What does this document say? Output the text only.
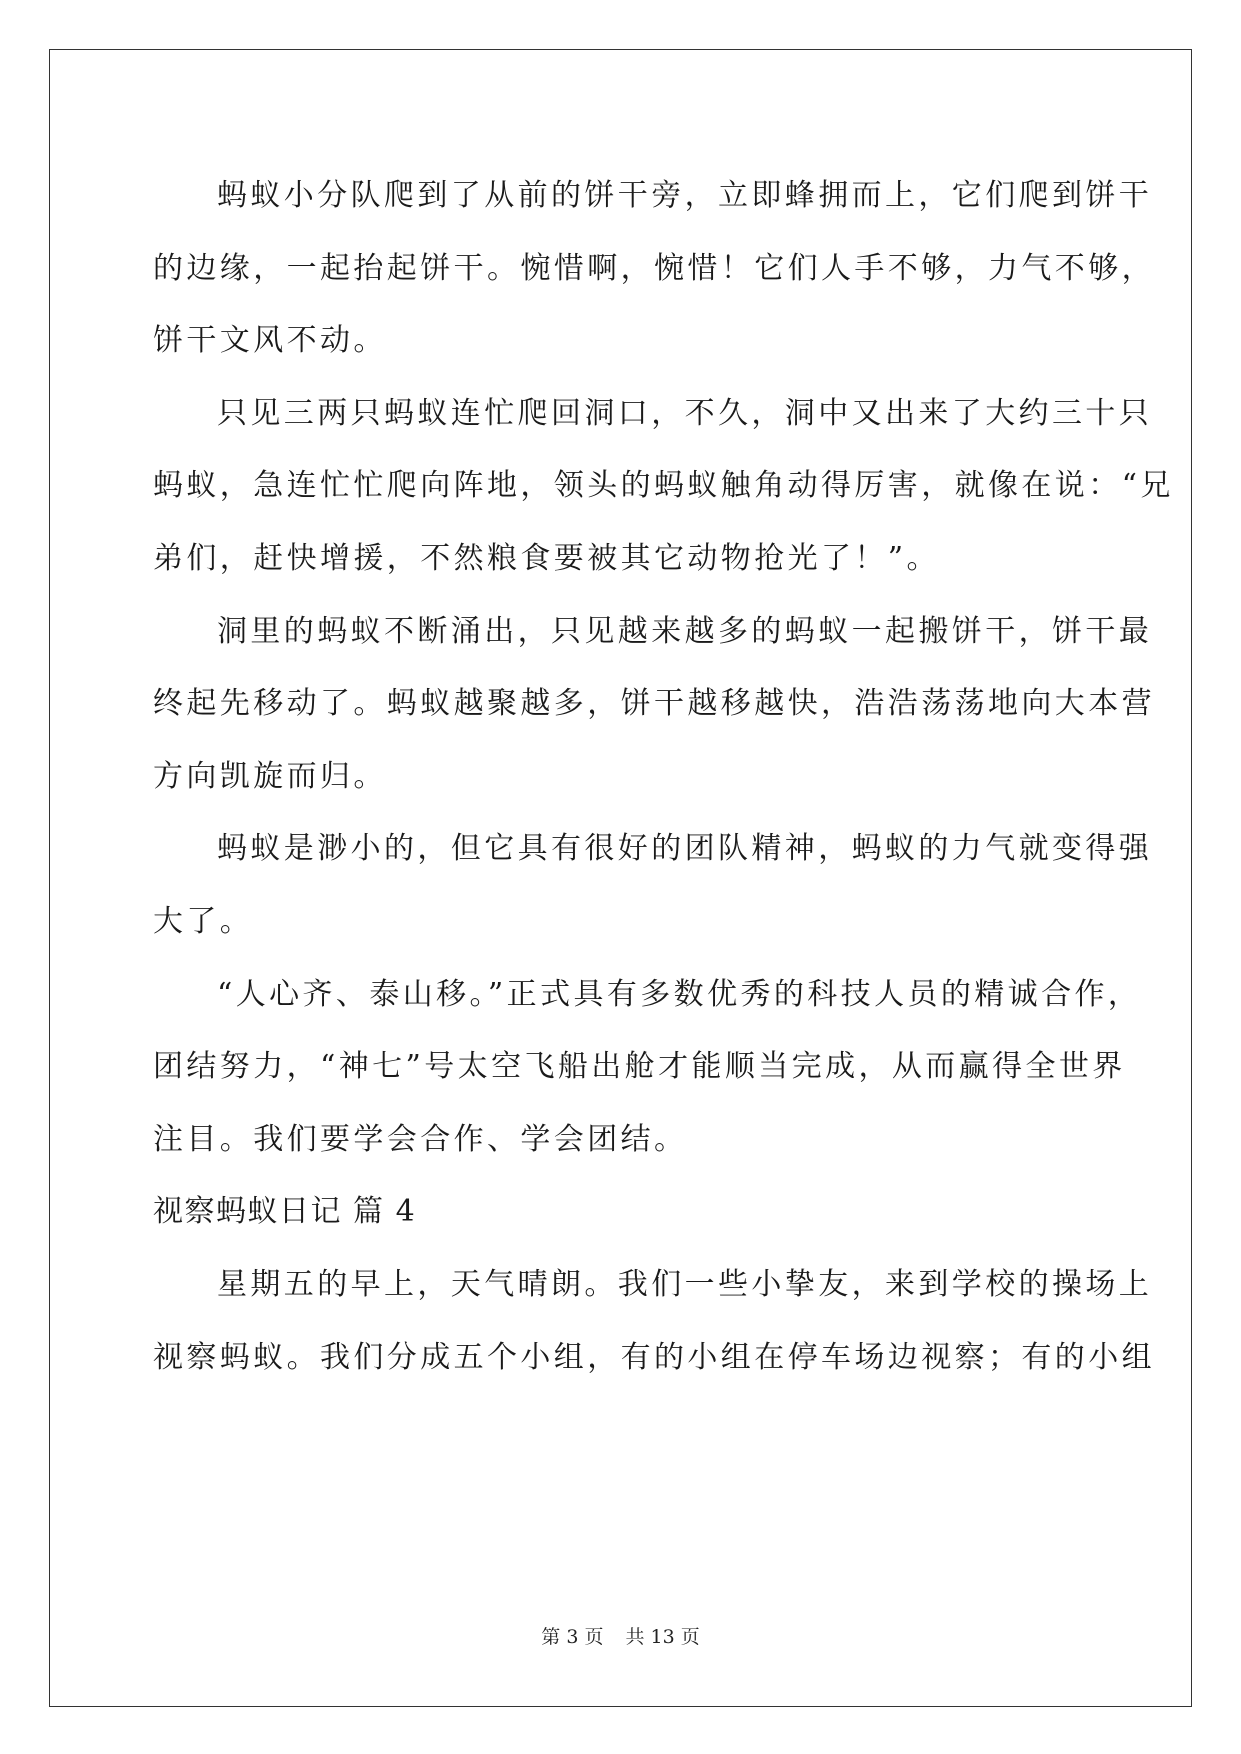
蚂蚁小分队爬到了从前的饼干旁，立即蜂拥而上，它们爬到饼干
的边缘，一起抬起饼干。惋惜啊，惋惜！它们人手不够，力气不够，
饼干文风不动。
只见三两只蚂蚁连忙爬回洞口，不久，洞中又出来了大约三十只
蚂蚁，急连忙忙爬向阵地，领头的蚂蚁触角动得厉害，就像在说：“兄
弟们，赶快增援，不然粮食要被其它动物抢光了！”。
洞里的蚂蚁不断涌出，只见越来越多的蚂蚁一起搬饼干，饼干最
终起先移动了。蚂蚁越聚越多，饼干越移越快，浩浩荡荡地向大本营
方向凯旋而归。
蚂蚁是渺小的，但它具有很好的团队精神，蚂蚁的力气就变得强
大了。
“人心齐、泰山移。”正式具有多数优秀的科技人员的精诚合作，
团结努力，“神七”号太空飞船出舱才能顺当完成，从而赢得全世界
注目。我们要学会合作、学会团结。
视察蚂蚁日记 篇 4
星期五的早上，天气晴朗。我们一些小挚友，来到学校的操场上
视察蚂蚁。我们分成五个小组，有的小组在停车场边视察；有的小组
第 3 页 共 13 页
